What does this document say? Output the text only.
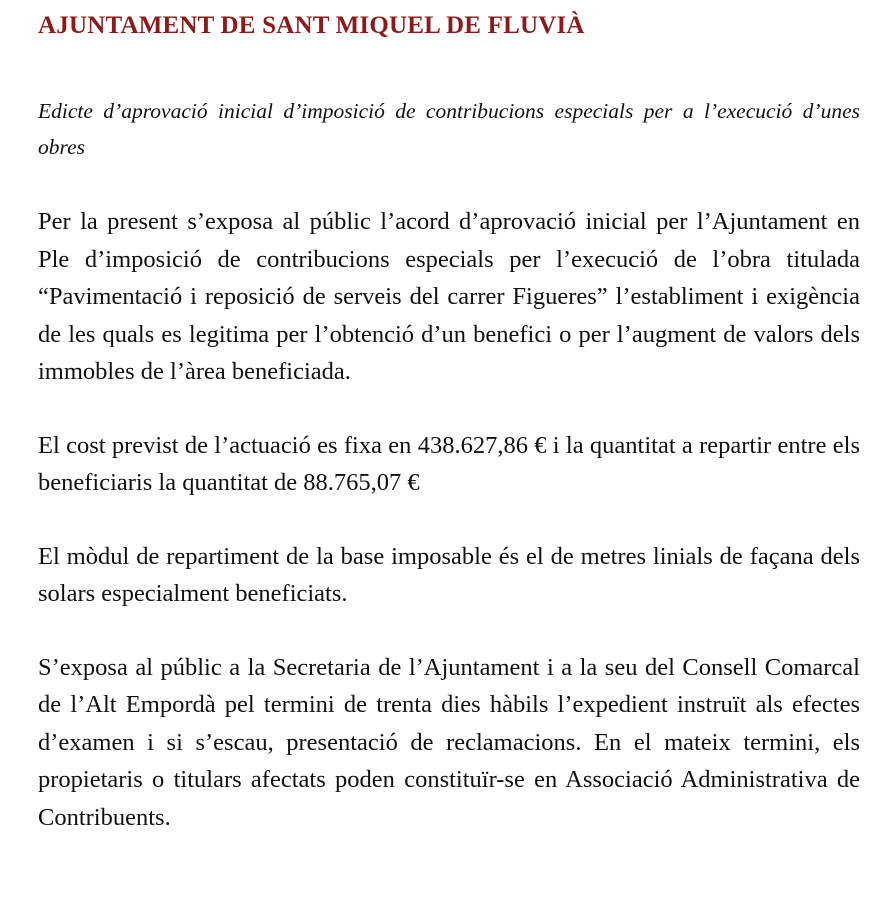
AJUNTAMENT DE SANT MIQUEL DE FLUVIÀ

Edicte d’aprovació inicial d’imposició de contribucions especials per a l’execució d’unes obres

Per la present s’exposa al públic l’acord d’aprovació inicial per l’Ajuntament en Ple d’imposició de contribucions especials per l’execució de l’obra titulada “Pavimentació i reposició de serveis del carrer Figueres” l’establiment i exigència de les quals es legitima per l’obtenció d’un benefici o per l’augment de valors dels immobles de l’àrea beneficiada.

El cost previst de l’actuació es fixa en 438.627,86 € i la quantitat a repartir entre els beneficiaris la quantitat de 88.765,07 €

El mòdul de repartiment de la base imposable és el de metres linials de façana dels solars especialment beneficiats.

S’exposa al públic a la Secretaria de l’Ajuntament i a la seu del Consell Comarcal de l’Alt Empordà pel termini de trenta dies hàbils l’expedient instruït als efectes d’examen i si s’escau, presentació de reclamacions. En el mateix termini, els propietaris o titulars afectats poden constituïr-se en Associació Administrativa de Contribuents.
